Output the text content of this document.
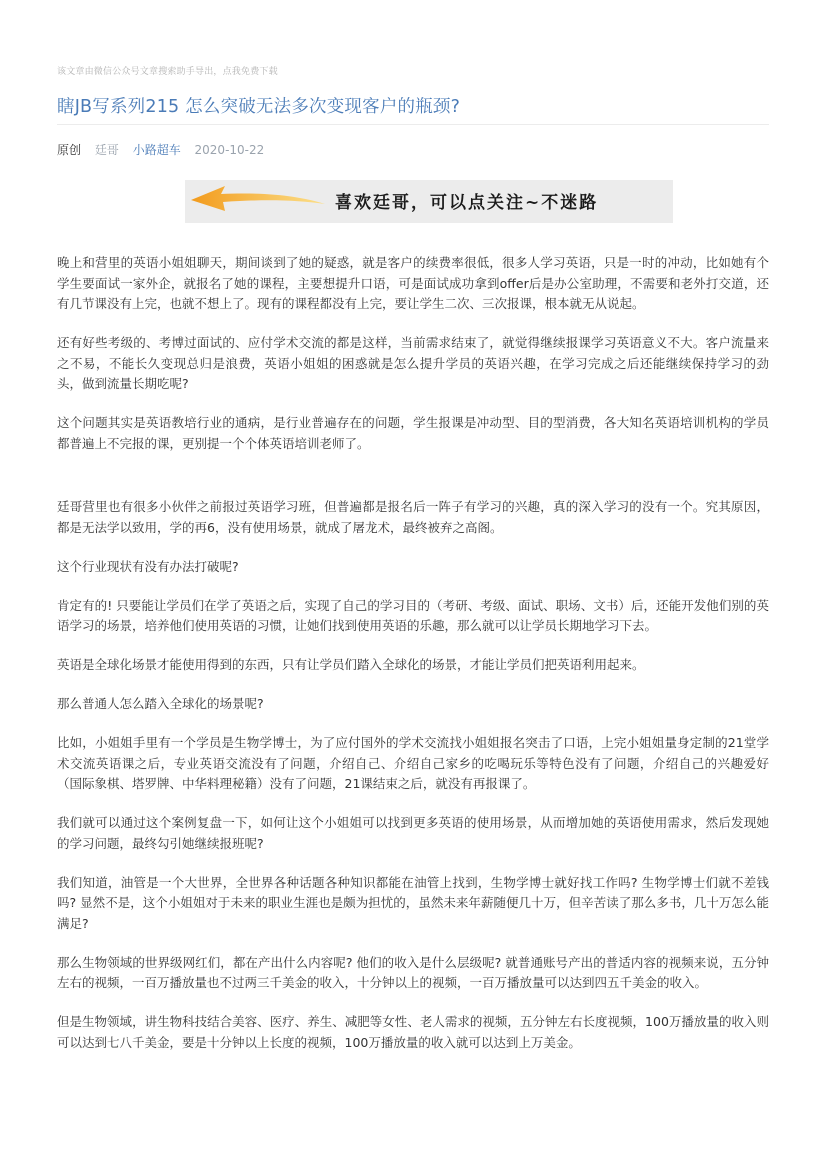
该文章由微信公众号文章搜索助手导出，点我免费下载
瞎JB写系列215 怎么突破无法多次变现客户的瓶颈?
原创 廷哥 小路超车 2020-10-22
喜欢廷哥，可以点关注~不迷路

晚上和营里的英语小姐姐聊天，期间谈到了她的疑惑，就是客户的续费率很低，很多人学习英语，只是一时的冲动，比如她有个学生要面试一家外企，就报名了她的课程，主要想提升口语，可是面试成功拿到offer后是办公室助理，不需要和老外打交道，还有几节课没有上完，也就不想上了。现有的课程都没有上完，要让学生二次、三次报课，根本就无从说起。

还有好些考级的、考博过面试的、应付学术交流的都是这样，当前需求结束了，就觉得继续报课学习英语意义不大。客户流量来之不易，不能长久变现总归是浪费，英语小姐姐的困惑就是怎么提升学员的英语兴趣，在学习完成之后还能继续保持学习的劲头，做到流量长期吃呢?

这个问题其实是英语教培行业的通病，是行业普遍存在的问题，学生报课是冲动型、目的型消费，各大知名英语培训机构的学员都普遍上不完报的课，更别提一个个体英语培训老师了。

廷哥营里也有很多小伙伴之前报过英语学习班，但普遍都是报名后一阵子有学习的兴趣，真的深入学习的没有一个。究其原因，都是无法学以致用，学的再6，没有使用场景，就成了屠龙术，最终被弃之高阁。

这个行业现状有没有办法打破呢?

肯定有的! 只要能让学员们在学了英语之后，实现了自己的学习目的（考研、考级、面试、职场、文书）后，还能开发他们别的英语学习的场景，培养他们使用英语的习惯，让她们找到使用英语的乐趣，那么就可以让学员长期地学习下去。

英语是全球化场景才能使用得到的东西，只有让学员们踏入全球化的场景，才能让学员们把英语利用起来。

那么普通人怎么踏入全球化的场景呢?

比如，小姐姐手里有一个学员是生物学博士，为了应付国外的学术交流找小姐姐报名突击了口语，上完小姐姐量身定制的21堂学术交流英语课之后，专业英语交流没有了问题，介绍自己、介绍自己家乡的吃喝玩乐等特色没有了问题，介绍自己的兴趣爱好（国际象棋、塔罗牌、中华料理秘籍）没有了问题，21课结束之后，就没有再报课了。

我们就可以通过这个案例复盘一下，如何让这个小姐姐可以找到更多英语的使用场景，从而增加她的英语使用需求，然后发现她的学习问题，最终勾引她继续报班呢?

我们知道，油管是一个大世界，全世界各种话题各种知识都能在油管上找到，生物学博士就好找工作吗? 生物学博士们就不差钱吗? 显然不是，这个小姐姐对于未来的职业生涯也是颇为担忧的，虽然未来年薪随便几十万，但辛苦读了那么多书，几十万怎么能满足?

那么生物领域的世界级网红们，都在产出什么内容呢? 他们的收入是什么层级呢? 就普通账号产出的普适内容的视频来说，五分钟左右的视频，一百万播放量也不过两三千美金的收入，十分钟以上的视频，一百万播放量可以达到四五千美金的收入。

但是生物领域，讲生物科技结合美容、医疗、养生、减肥等女性、老人需求的视频，五分钟左右长度视频，100万播放量的收入则可以达到七八千美金，要是十分钟以上长度的视频，100万播放量的收入就可以达到上万美金。
